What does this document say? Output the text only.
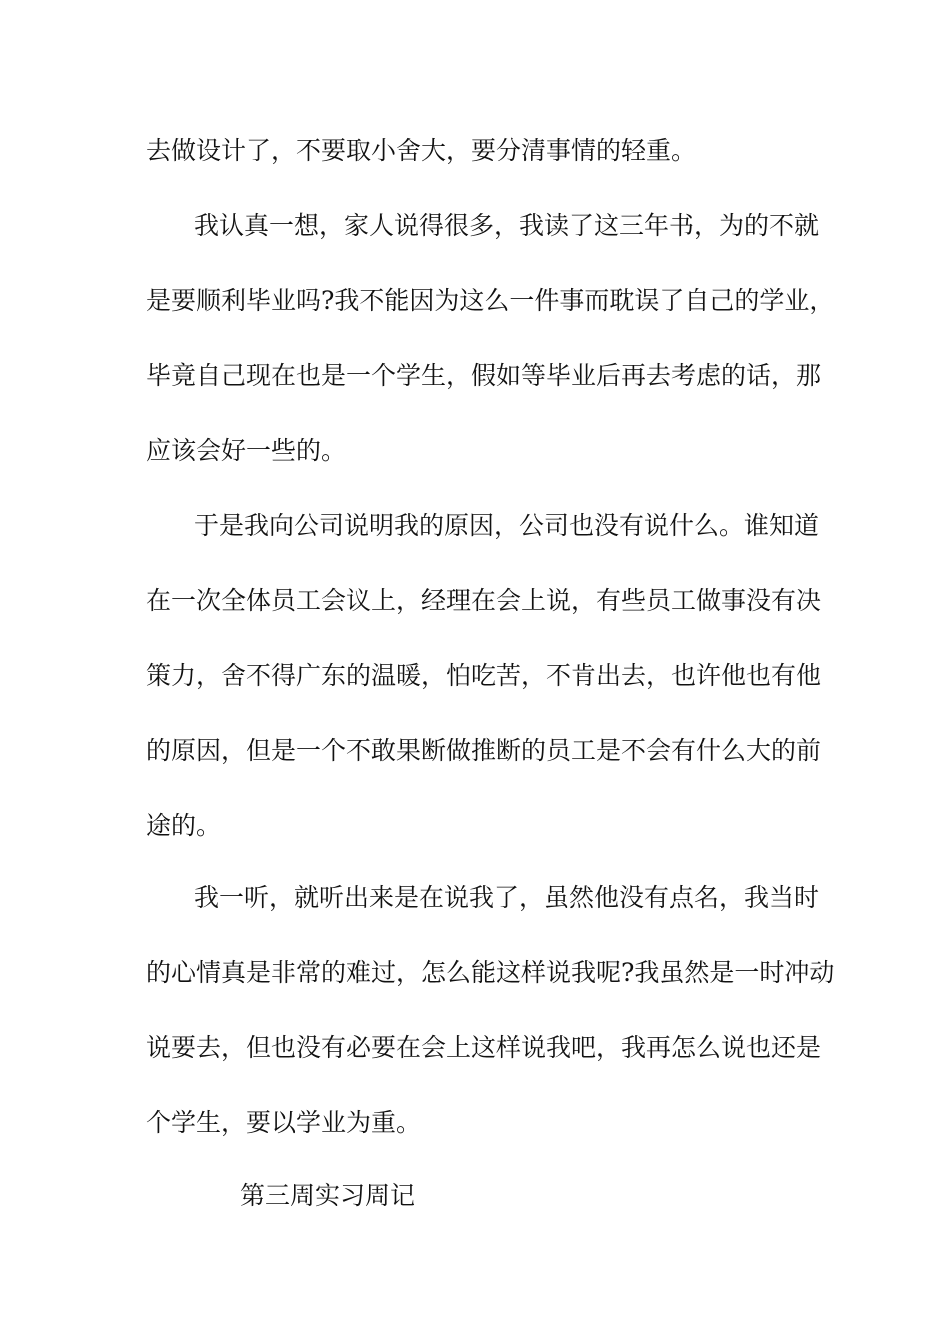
去做设计了，不要取小舍大，要分清事情的轻重。
我认真一想，家人说得很多，我读了这三年书，为的不就
是要顺利毕业吗?我不能因为这么一件事而耽误了自己的学业，
毕竟自己现在也是一个学生，假如等毕业后再去考虑的话，那
应该会好一些的。
于是我向公司说明我的原因，公司也没有说什么。谁知道
在一次全体员工会议上，经理在会上说，有些员工做事没有决
策力，舍不得广东的温暖，怕吃苦，不肯出去，也许他也有他
的原因，但是一个不敢果断做推断的员工是不会有什么大的前
途的。
我一听，就听出来是在说我了，虽然他没有点名，我当时
的心情真是非常的难过，怎么能这样说我呢?我虽然是一时冲动
说要去，但也没有必要在会上这样说我吧，我再怎么说也还是
个学生，要以学业为重。
第三周实习周记
